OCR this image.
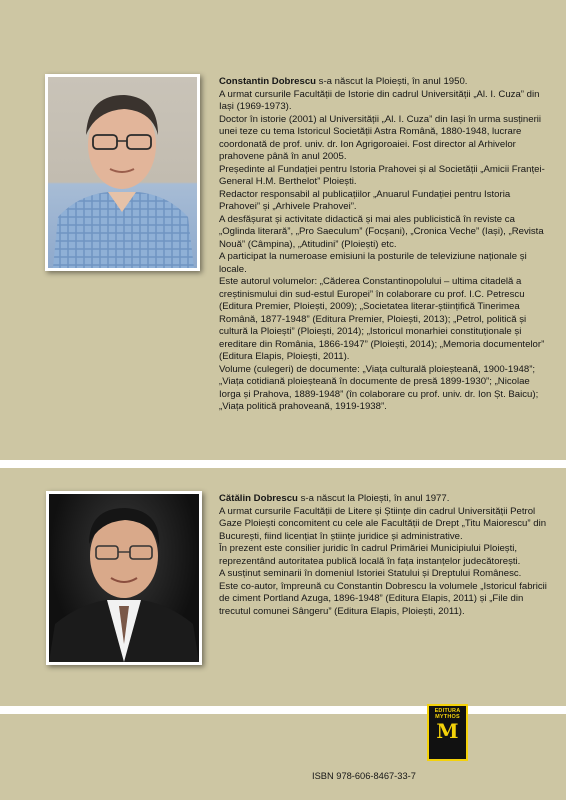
Constantin Dobrescu s-a născut la Ploiești, în anul 1950.

A urmat cursurile Facultății de Istorie din cadrul Universității „Al. I. Cuza” din Iași (1969-1973).

Doctor în istorie (2001) al Universității „Al. I. Cuza” din Iași în urma susținerii unei teze cu tema Istoricul Societății Astra Română, 1880-1948, lucrare coordonată de prof. univ. dr. Ion Agrigoroaiei. Fost director al Arhivelor prahovene până în anul 2005.

Președinte al Fundației pentru Istoria Prahovei și al Societății „Amicii Franței-General H.M. Berthelot” Ploiești.

Redactor responsabil al publicațiilor „Anuarul Fundației pentru Istoria Prahovei” și „Arhivele Prahovei”.

A desfășurat și activitate didactică și mai ales publicistică în reviste ca „Oglinda literară”, „Pro Saeculum” (Focșani), „Cronica Veche” (Iași), „Revista Nouă” (Câmpina), „Atitudini” (Ploiești) etc.

A participat la numeroase emisiuni la posturile de televiziune naționale și locale.

Este autorul volumelor: „Căderea Constantinopolului – ultima citadelă a creștinismului din sud-estul Europei” în colaborare cu prof. I.C. Petrescu (Editura Premier, Ploiești, 2009); „Societatea literar-științifică Tinerimea Română, 1877-1948” (Editura Premier, Ploiești, 2013); „Petrol, politică și cultură la Ploiești” (Ploiești, 2014); „Istoricul monarhiei constituționale și ereditare din România, 1866-1947” (Ploiești, 2014); „Memoria documentelor” (Editura Elapis, Ploiești, 2011).

Volume (culegeri) de documente: „Viața culturală ploieșteană, 1900-1948”; „Viața cotidiană ploieșteană în documente de presă 1899-1930”; „Nicolae Iorga și Prahova, 1889-1948” (în colaborare cu prof. univ. dr. Ion Șt. Baicu); „Viața politică prahoveană, 1919-1938”.

Cătălin Dobrescu s-a născut la Ploiești, în anul 1977.

A urmat cursurile Facultății de Litere și Științe din cadrul Universității Petrol Gaze Ploiești concomitent cu cele ale Facultății de Drept „Titu Maiorescu” din București, fiind licențiat în științe juridice și administrative.

În prezent este consilier juridic în cadrul Primăriei Municipiului Ploiești, reprezentând autoritatea publică locală în fața instanțelor judecătorești.

A susținut seminarii în domeniul Istoriei Statului și Dreptului Românesc.

Este co-autor, împreună cu Constantin Dobrescu la volumele „Istoricul fabricii de ciment Portland Azuga, 1896-1948” (Editura Elapis, 2011) și „File din trecutul comunei Sângeru” (Editura Elapis, Ploiești, 2011).

EDITURA MYTHOS
M
ISBN 978-606-8467-33-7
